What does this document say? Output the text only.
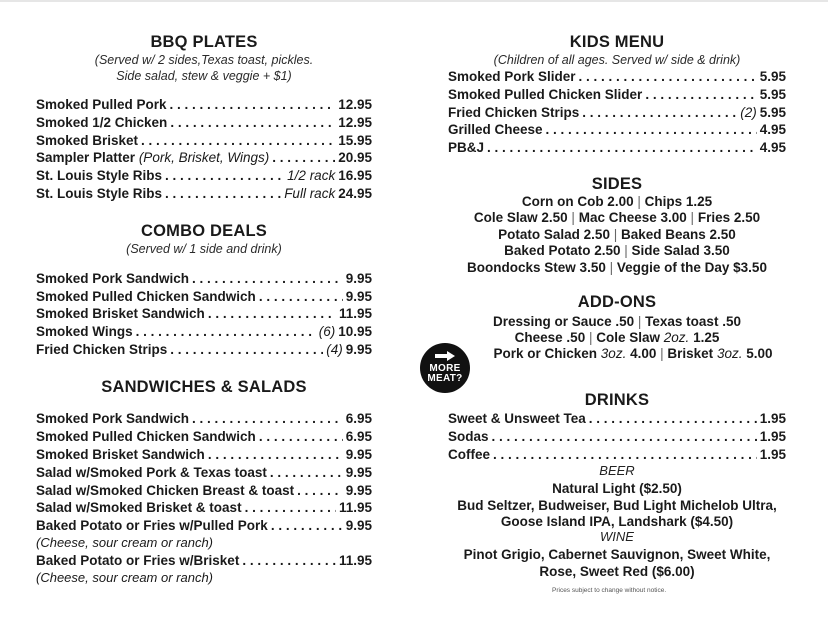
BBQ PLATES
(Served w/ 2 sides,Texas toast, pickles.
Side salad, stew & veggie + $1)
Smoked Pulled Pork . . .	12.95
Smoked 1/2 Chicken . . .	12.95
Smoked Brisket . . .	15.95
Sampler Platter
(Pork, Brisket, Wings) . . .	20.95
St. Louis Style Ribs . . .	1/2 rack 16.95
St. Louis Style Ribs . . .	Full rack 24.95
COMBO DEALS
(Served w/ 1 side and drink)
Smoked Pork Sandwich . . .	9.95
Smoked Pulled Chicken Sandwich . . .	9.95
Smoked Brisket Sandwich . . .	11.95
Smoked Wings . . .	(6) 10.95
Fried Chicken Strips . . .	(4) 9.95
SANDWICHES & SALADS
Smoked Pork Sandwich . . .	6.95
Smoked Pulled Chicken Sandwich . . .	6.95
Smoked Brisket Sandwich . . .	9.95
Salad w/Smoked Pork & Texas toast . . .	9.95
Salad w/Smoked Chicken Breast & toast . . .	9.95
Salad w/Smoked Brisket & toast . . .	11.95
Baked Potato or Fries w/Pulled Pork . . .	9.95
(Cheese, sour cream or ranch)
Baked Potato or Fries w/Brisket . . .	11.95
(Cheese, sour cream or ranch)
MORE
MEAT?
KIDS MENU
(Children of all ages. Served w/ side & drink)
Smoked Pork Slider . . .	5.95
Smoked Pulled Chicken Slider . . .	5.95
Fried Chicken Strips . . .	(2) 5.95
Grilled Cheese . . .	4.95
PB&J . . .	4.95
SIDES
Corn on Cob 2.00 | Chips 1.25
Cole Slaw 2.50 | Mac Cheese 3.00 | Fries 2.50
Potato Salad 2.50 | Baked Beans 2.50
Baked Potato 2.50 | Side Salad 3.50
Boondocks Stew 3.50 | Veggie of the Day $3.50
ADD-ONS
Dressing or Sauce .50 | Texas toast .50
Cheese .50 | Cole Slaw 2oz. 1.25
Pork or Chicken 3oz. 4.00 | Brisket 3oz. 5.00
DRINKS
Sweet & Unsweet Tea . . .	1.95
Sodas . . .	1.95
Coffee . . .	1.95
BEER
Natural Light ($2.50)
Bud Seltzer, Budweiser, Bud Light Michelob Ultra,
Goose Island IPA, Landshark ($4.50)
WINE
Pinot Grigio, Cabernet Sauvignon, Sweet White,
Rose, Sweet Red ($6.00)
Prices subject to change without notice.
